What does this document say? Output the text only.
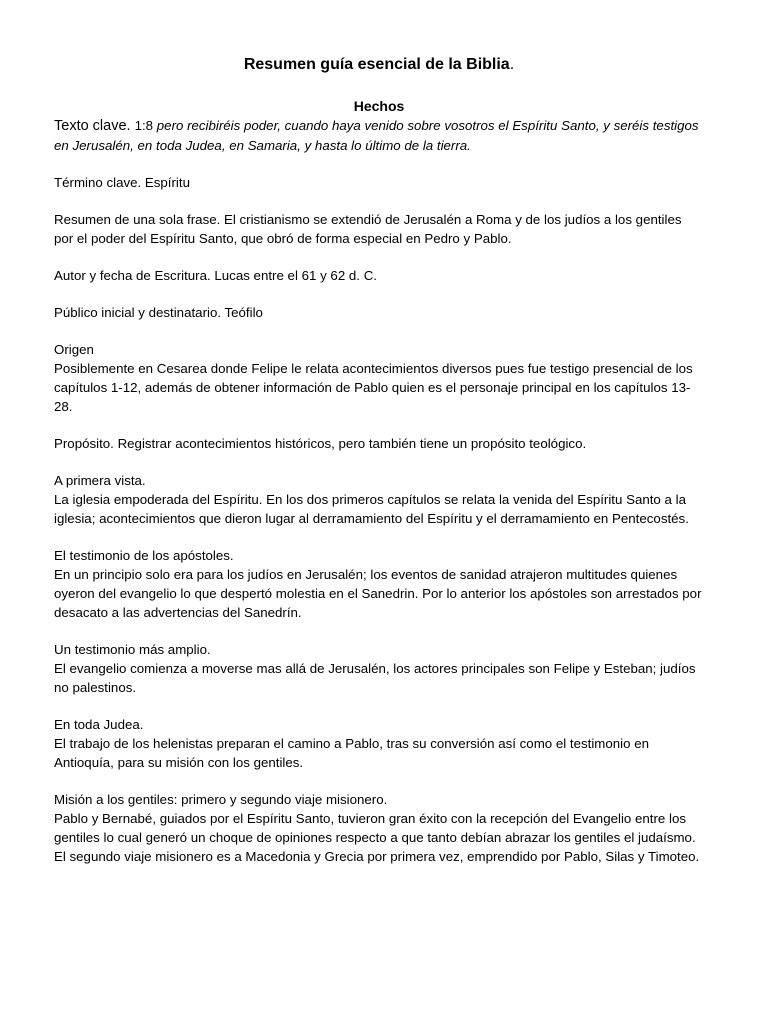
Resumen guía esencial de la Biblia.
Hechos

Texto clave. 1:8 pero recibiréis poder, cuando haya venido sobre vosotros el Espíritu Santo, y seréis testigos en Jerusalén, en toda Judea, en Samaria, y hasta lo último de la tierra.

Término clave. Espíritu

Resumen de una sola frase. El cristianismo se extendió de Jerusalén a Roma y de los judíos a los gentiles por el poder del Espíritu Santo, que obró de forma especial en Pedro y Pablo.

Autor y fecha de Escritura. Lucas entre el 61 y 62 d. C.

Público inicial y destinatario. Teófilo

Origen
Posiblemente en Cesarea donde Felipe le relata acontecimientos diversos pues fue testigo presencial de los capítulos 1-12, además de obtener información de Pablo quien es el personaje principal en los capítulos 13-28.

Propósito. Registrar acontecimientos históricos, pero también tiene un propósito teológico.

A primera vista.
La iglesia empoderada del Espíritu. En los dos primeros capítulos se relata la venida del Espíritu Santo a la iglesia; acontecimientos que dieron lugar al derramamiento del Espíritu y el derramamiento en Pentecostés.

El testimonio de los apóstoles.
En un principio solo era para los judíos en Jerusalén; los eventos de sanidad atrajeron multitudes quienes oyeron del evangelio lo que despertó molestia en el Sanedrin. Por lo anterior los apóstoles son arrestados por desacato a las advertencias del Sanedrín.

Un testimonio más amplio.
El evangelio comienza a moverse mas allá de Jerusalén, los actores principales son Felipe y Esteban; judíos no palestinos.

En toda Judea.
El trabajo de los helenistas preparan el camino a Pablo, tras su conversión así como el testimonio en Antioquía, para su misión con los gentiles.

Misión a los gentiles: primero y segundo viaje misionero.
Pablo y Bernabé, guiados por el Espíritu Santo, tuvieron gran éxito con la recepción del Evangelio entre los gentiles lo cual generó un choque de opiniones respecto a que tanto debían abrazar los gentiles el judaísmo. El segundo viaje misionero es a Macedonia y Grecia por primera vez, emprendido por Pablo, Silas y Timoteo.
